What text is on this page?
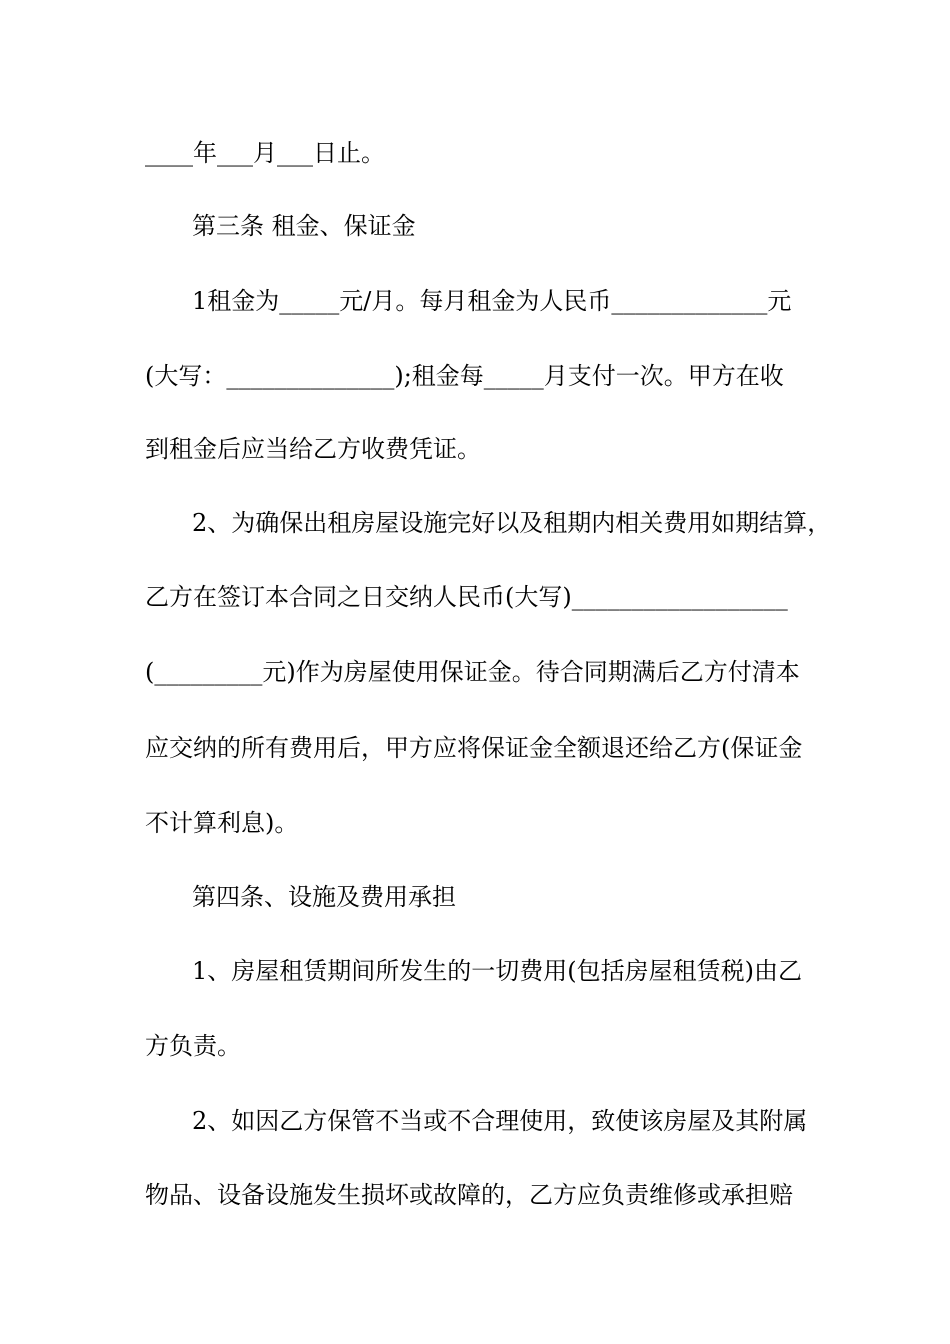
____年___月___日止。
第三条 租金、保证金
1租金为_____元/月。每月租金为人民币_____________元
(大写：______________);租金每_____月支付一次。甲方在收
到租金后应当给乙方收费凭证。
2、为确保出租房屋设施完好以及租期内相关费用如期结算，
乙方在签订本合同之日交纳人民币(大写)__________________
(_________元)作为房屋使用保证金。待合同期满后乙方付清本
应交纳的所有费用后，甲方应将保证金全额退还给乙方(保证金
不计算利息)。
第四条、设施及费用承担
1、房屋租赁期间所发生的一切费用(包括房屋租赁税)由乙
方负责。
2、如因乙方保管不当或不合理使用，致使该房屋及其附属
物品、设备设施发生损坏或故障的，乙方应负责维修或承担赔
